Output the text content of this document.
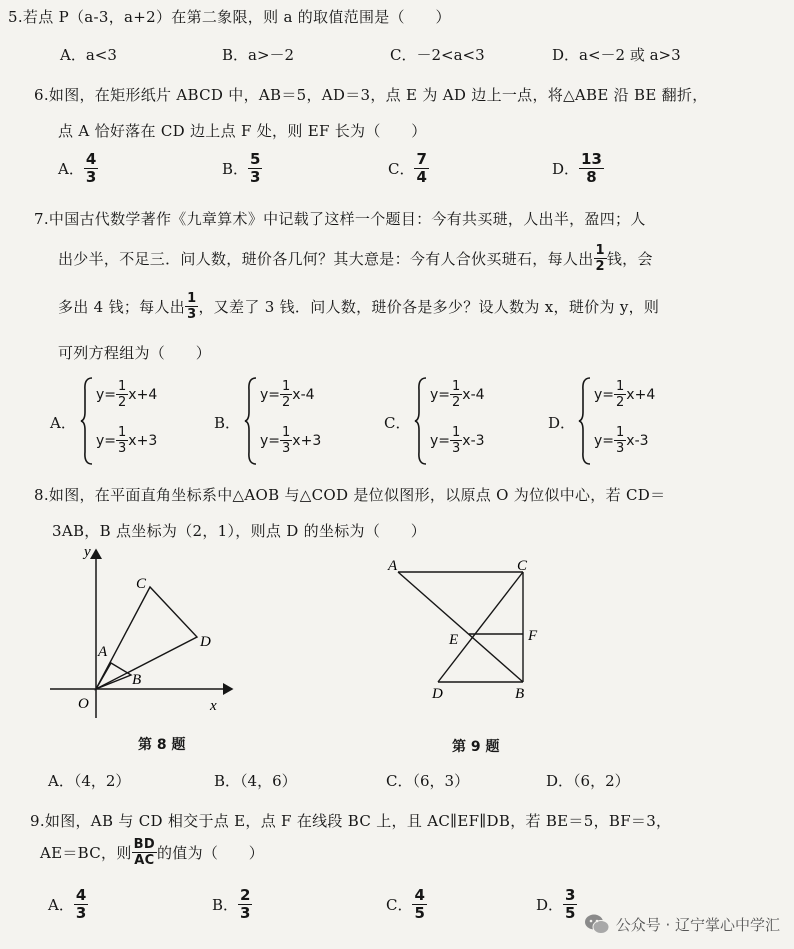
5.若点 P（a-3，a+2）在第二象限，则 a 的取值范围是（　　）
A．a<3	B．a>－2	C．－2<a<3	D．a<－2 或 a>3
6.如图，在矩形纸片 ABCD 中，AB＝5，AD＝3，点 E 为 AD 边上一点，将△ABE 沿 BE 翻折，
点 A 恰好落在 CD 边上点 F 处，则 EF 长为（　　）
A．
4
3	B．
5
3	C．
7
4	D．
13
8
7.中国古代数学著作《九章算术》中记载了这样一个题目：今有共买琎，人出半，盈四；人
出少半，不足三．问人数，琎价各几何？其大意是：今有人合伙买琎石，每人出 1
2 钱，会
多出 4 钱；每人出 1
3 ，又差了 3 钱．问人数，琎价各是多少？设人数为 x，琎价为 y，则
可列方程组为（　　）
A．
$y= \frac{1}{2} x+4$
$y= \frac{1}{3} x+3$
B．
$y= \frac{1}{2} x-4$
$y= \frac{1}{3} x+3$
C．
$y= \frac{1}{2} x-4$
$y= \frac{1}{3} x-3$
D．
$y= \frac{1}{2} x+4$
$y= \frac{1}{3} x-3$
8.如图，在平面直角坐标系中△AOB 与△COD 是位似图形，以原点 O 为位似中心，若 CD＝
3AB，B 点坐标为（2，1），则点 D 的坐标为（　　）
y
x
O
A
B
C
D
第 8 题
A	C
E	F
D	B
第 9 题
A．（4，2）	B．（4，6）	C．（6，3）	D．（6，2）
9.如图，AB 与 CD 相交于点 E，点 F 在线段 BC 上，且 AC∥EF∥DB，若 BE＝5，BF＝3，
AE＝BC，则 BD
AC 的值为（　　）
A．
4
3	B．
2
3	C．
4
5	D．
3
5
公众号 · 辽宁掌心中学汇
